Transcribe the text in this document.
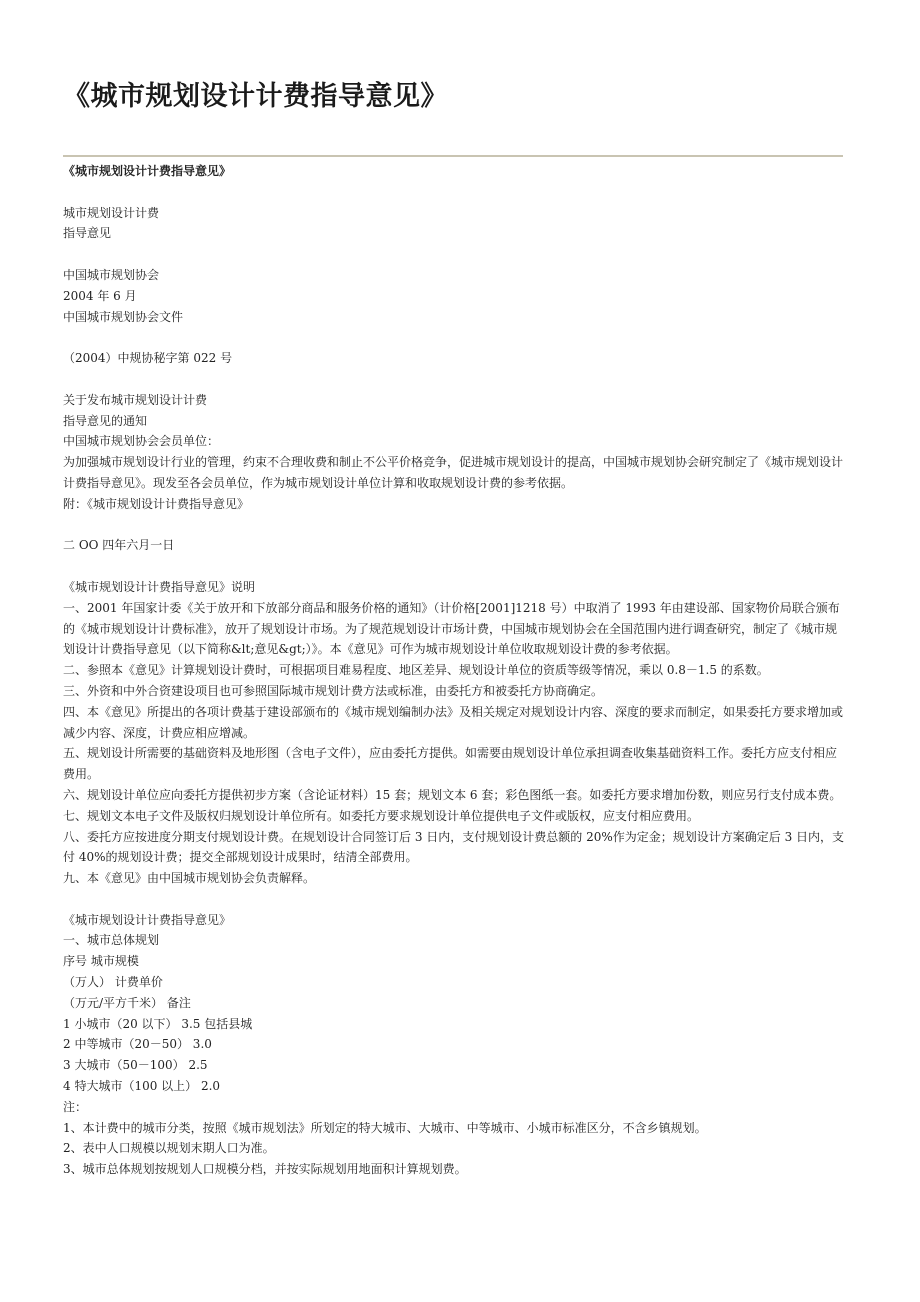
《城市规划设计计费指导意见》
《城市规划设计计费指导意见》
城市规划设计计费
指导意见
中国城市规划协会
2004 年 6 月
中国城市规划协会文件
（2004）中规协秘字第 022 号
关于发布城市规划设计计费
指导意见的通知
中国城市规划协会会员单位：
为加强城市规划设计行业的管理，约束不合理收费和制止不公平价格竞争，促进城市规划设计的提高，中国城市规划协会研究制定了《城市规划设计计费指导意见》。现发至各会员单位，作为城市规划设计单位计算和收取规划设计费的参考依据。
附：《城市规划设计计费指导意见》
二 OO 四年六月一日
《城市规划设计计费指导意见》说明
一、2001 年国家计委《关于放开和下放部分商品和服务价格的通知》（计价格[2001]1218 号）中取消了 1993 年由建设部、国家物价局联合颁布的《城市规划设计计费标准》，放开了规划设计市场。为了规范规划设计市场计费，中国城市规划协会在全国范围内进行调查研究，制定了《城市规划设计计费指导意见（以下简称&lt;意见&gt;）》。本《意见》可作为城市规划设计单位收取规划设计费的参考依据。
二、参照本《意见》计算规划设计费时，可根据项目难易程度、地区差异、规划设计单位的资质等级等情况，乘以 0.8－1.5 的系数。
三、外资和中外合资建设项目也可参照国际城市规划计费方法或标准，由委托方和被委托方协商确定。
四、本《意见》所提出的各项计费基于建设部颁布的《城市规划编制办法》及相关规定对规划设计内容、深度的要求而制定，如果委托方要求增加或减少内容、深度，计费应相应增减。
五、规划设计所需要的基础资料及地形图（含电子文件），应由委托方提供。如需要由规划设计单位承担调查收集基础资料工作。委托方应支付相应费用。
六、规划设计单位应向委托方提供初步方案（含论证材料）15 套；规划文本 6 套；彩色图纸一套。如委托方要求增加份数，则应另行支付成本费。
七、规划文本电子文件及版权归规划设计单位所有。如委托方要求规划设计单位提供电子文件或版权，应支付相应费用。
八、委托方应按进度分期支付规划设计费。在规划设计合同签订后 3 日内，支付规划设计费总额的 20%作为定金；规划设计方案确定后 3 日内，支付 40%的规划设计费；提交全部规划设计成果时，结清全部费用。
九、本《意见》由中国城市规划协会负责解释。
《城市规划设计计费指导意见》
一、城市总体规划
序号 城市规模
（万人） 计费单价
（万元/平方千米） 备注
1 小城市（20 以下） 3.5 包括县城
2 中等城市（20－50） 3.0
3 大城市（50－100） 2.5
4 特大城市（100 以上） 2.0
注：
1、本计费中的城市分类，按照《城市规划法》所划定的特大城市、大城市、中等城市、小城市标准区分，不含乡镇规划。
2、表中人口规模以规划末期人口为准。
3、城市总体规划按规划人口规模分档，并按实际规划用地面积计算规划费。
